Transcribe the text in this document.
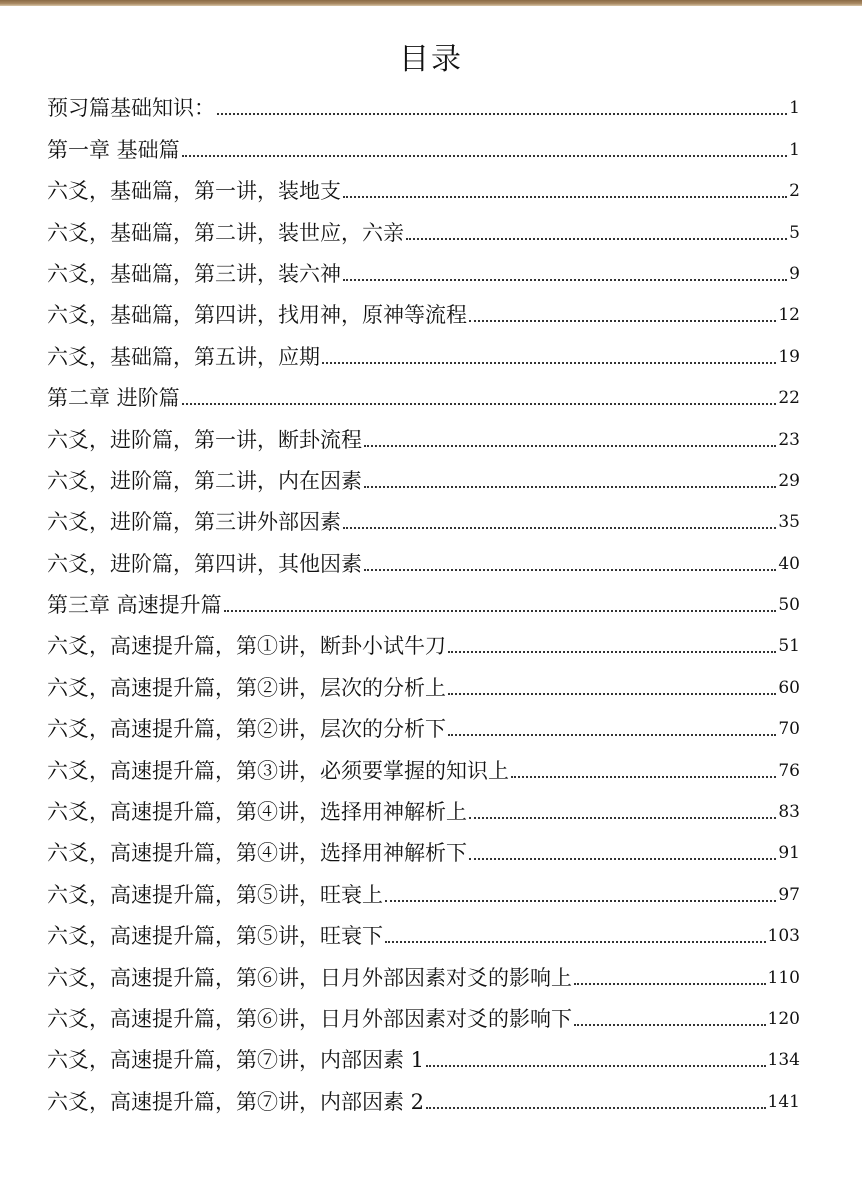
目录
预习篇基础知识：	1
第一章 基础篇	1
六爻，基础篇，第一讲，装地支	2
六爻，基础篇，第二讲，装世应，六亲	5
六爻，基础篇，第三讲，装六神	9
六爻，基础篇，第四讲，找用神，原神等流程	12
六爻，基础篇，第五讲，应期	19
第二章 进阶篇	22
六爻，进阶篇，第一讲，断卦流程	23
六爻，进阶篇，第二讲，内在因素	29
六爻，进阶篇，第三讲外部因素	35
六爻，进阶篇，第四讲，其他因素	40
第三章 高速提升篇	50
六爻，高速提升篇，第①讲，断卦小试牛刀	51
六爻，高速提升篇，第②讲，层次的分析上	60
六爻，高速提升篇，第②讲，层次的分析下	70
六爻，高速提升篇，第③讲，必须要掌握的知识上	76
六爻，高速提升篇，第④讲，选择用神解析上	83
六爻，高速提升篇，第④讲，选择用神解析下	91
六爻，高速提升篇，第⑤讲，旺衰上	97
六爻，高速提升篇，第⑤讲，旺衰下	103
六爻，高速提升篇，第⑥讲，日月外部因素对爻的影响上	110
六爻，高速提升篇，第⑥讲，日月外部因素对爻的影响下	120
六爻，高速提升篇，第⑦讲，内部因素 1	134
六爻，高速提升篇，第⑦讲，内部因素 2	141
